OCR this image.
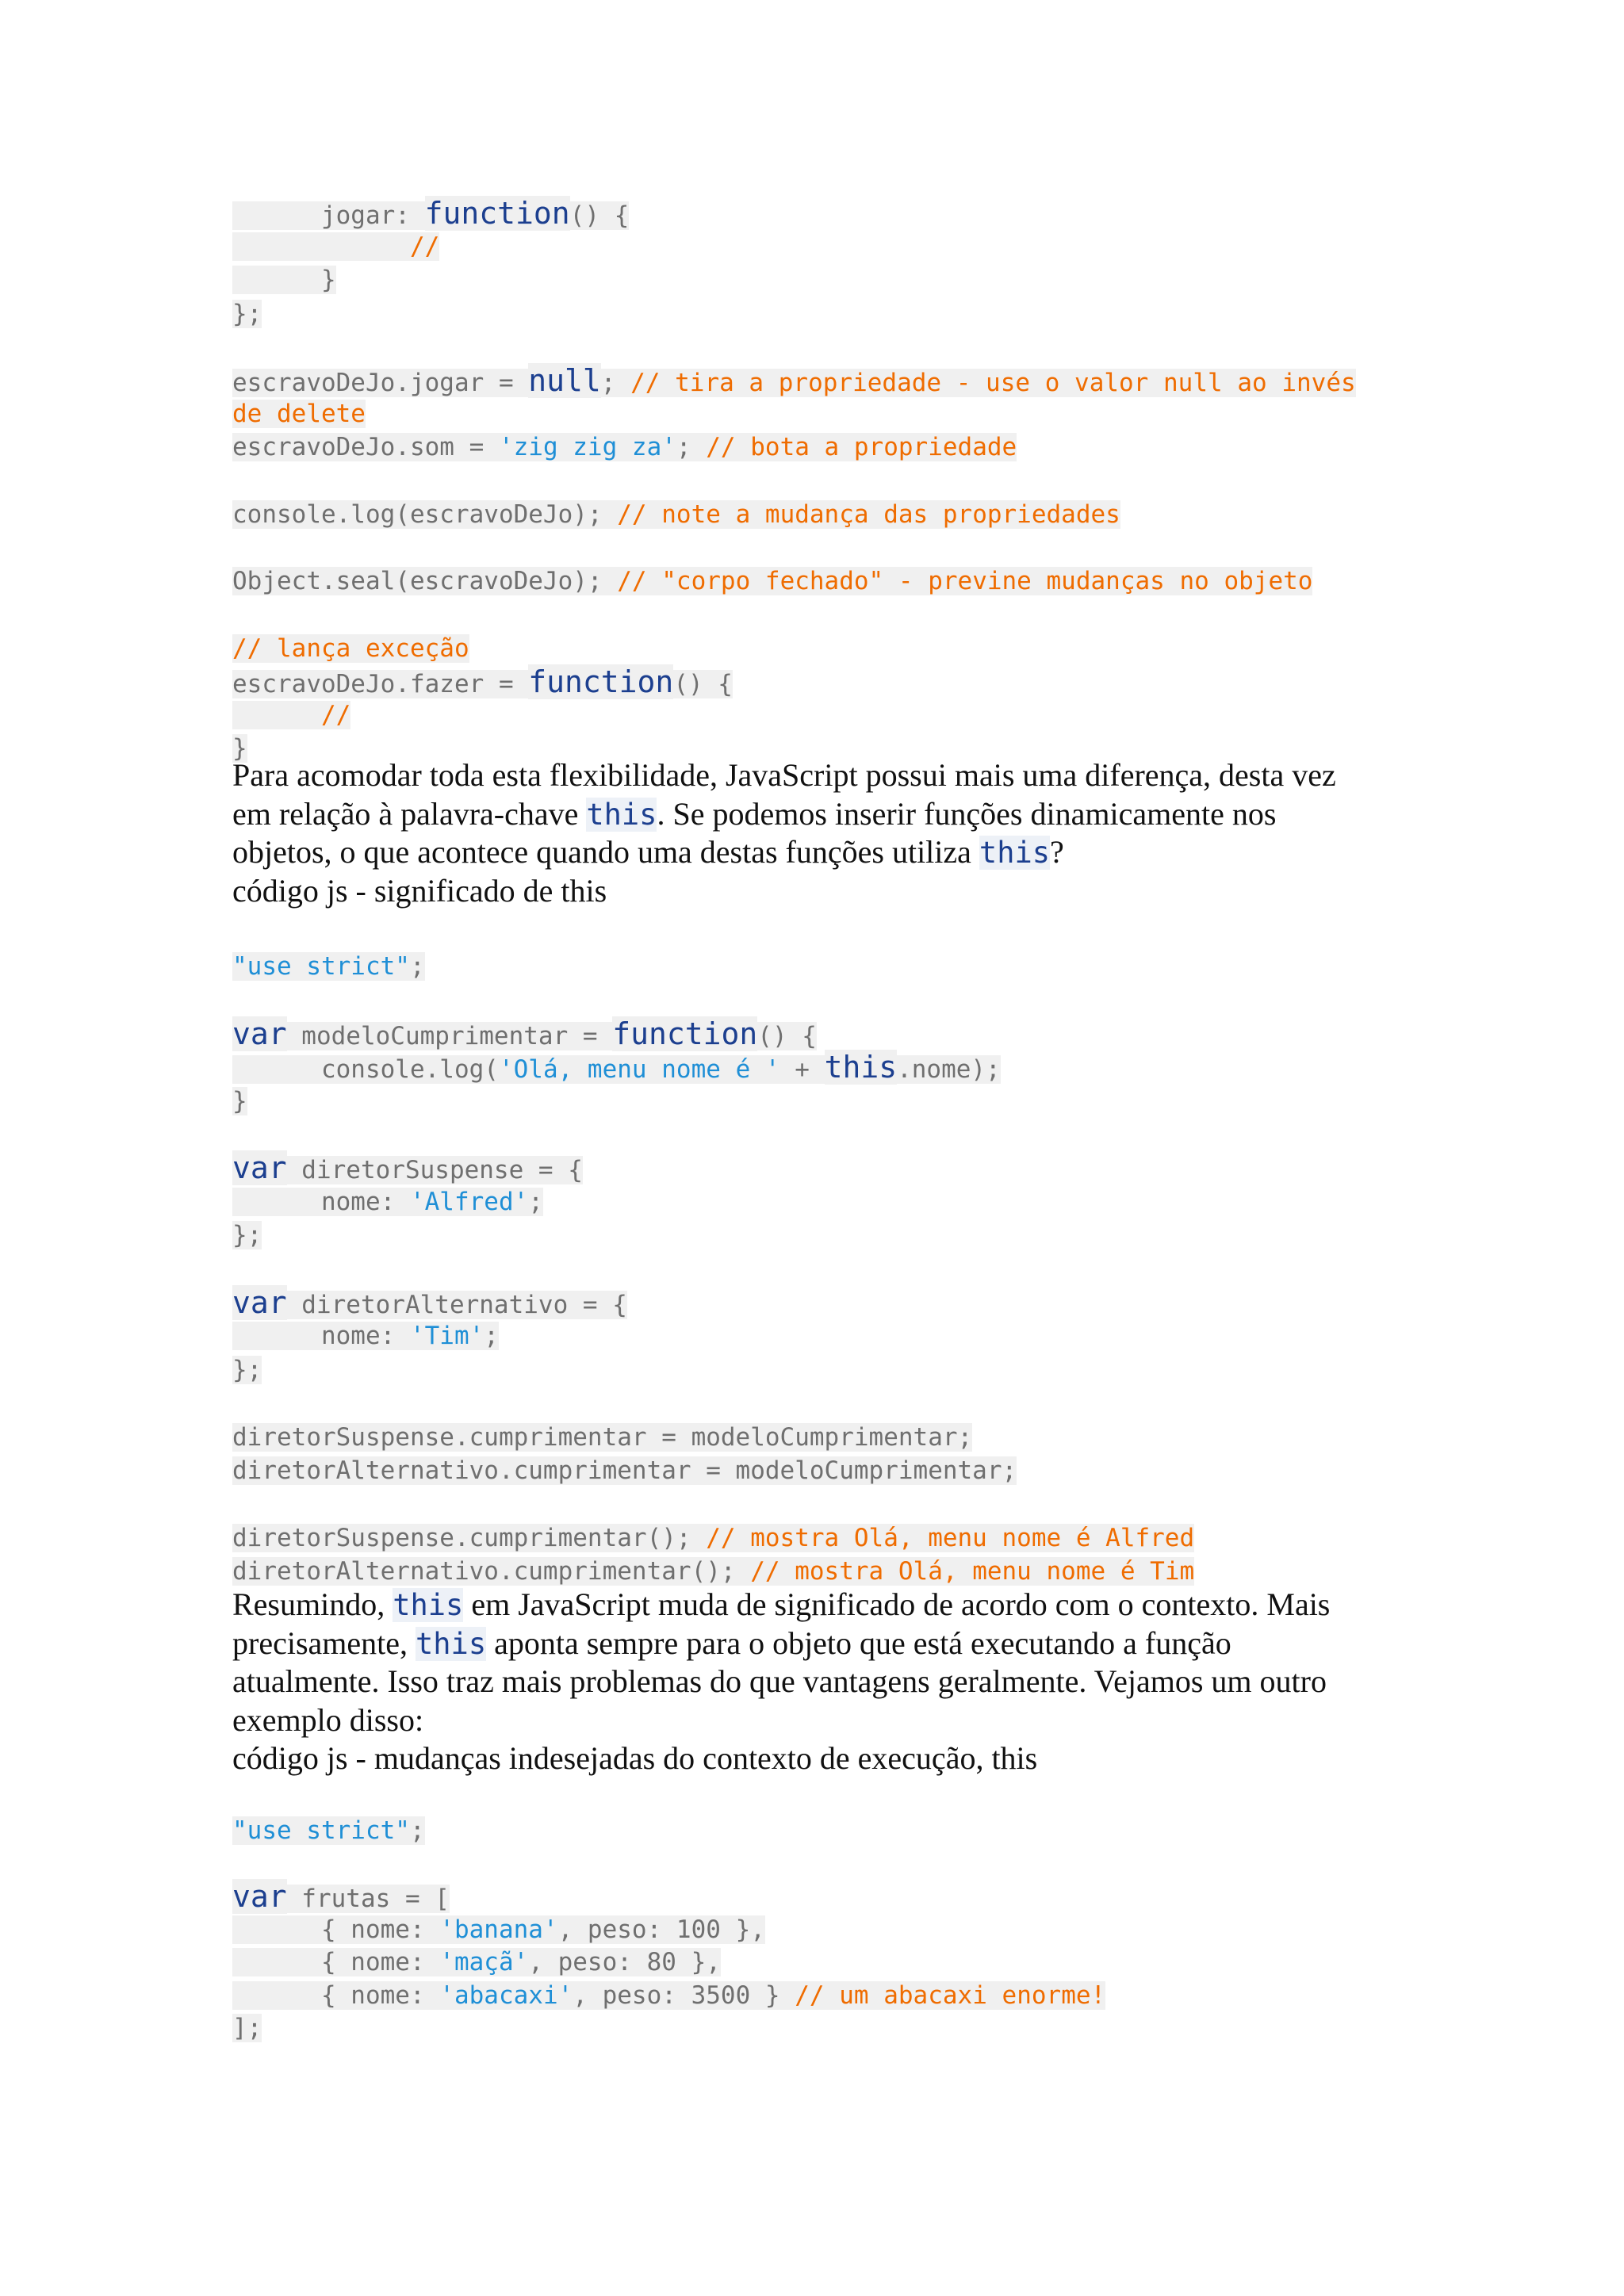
jogar: function() {
//
}
};
escravoDeJo.jogar = null; // tira a propriedade - use o valor null ao invés
de delete
escravoDeJo.som = 'zig zig za'; // bota a propriedade
console.log(escravoDeJo); // note a mudança das propriedades
Object.seal(escravoDeJo); // "corpo fechado" - previne mudanças no objeto
// lança exceção
escravoDeJo.fazer = function() {
//
}
Para acomodar toda esta flexibilidade, JavaScript possui mais uma diferença, desta vez
em relação à palavra-chave this. Se podemos inserir funções dinamicamente nos
objetos, o que acontece quando uma destas funções utiliza this?
código js - significado de this
"use strict";
var modeloCumprimentar = function() {
console.log('Olá, menu nome é ' + this.nome);
}
var diretorSuspense = {
nome: 'Alfred';
};
var diretorAlternativo = {
nome: 'Tim';
};
diretorSuspense.cumprimentar = modeloCumprimentar;
diretorAlternativo.cumprimentar = modeloCumprimentar;
diretorSuspense.cumprimentar(); // mostra Olá, menu nome é Alfred
diretorAlternativo.cumprimentar(); // mostra Olá, menu nome é Tim
Resumindo, this em JavaScript muda de significado de acordo com o contexto. Mais
precisamente, this aponta sempre para o objeto que está executando a função
atualmente. Isso traz mais problemas do que vantagens geralmente. Vejamos um outro
exemplo disso:
código js - mudanças indesejadas do contexto de execução, this
"use strict";
var frutas = [
{ nome: 'banana', peso: 100 },
{ nome: 'maçã', peso: 80 },
{ nome: 'abacaxi', peso: 3500 } // um abacaxi enorme!
];
